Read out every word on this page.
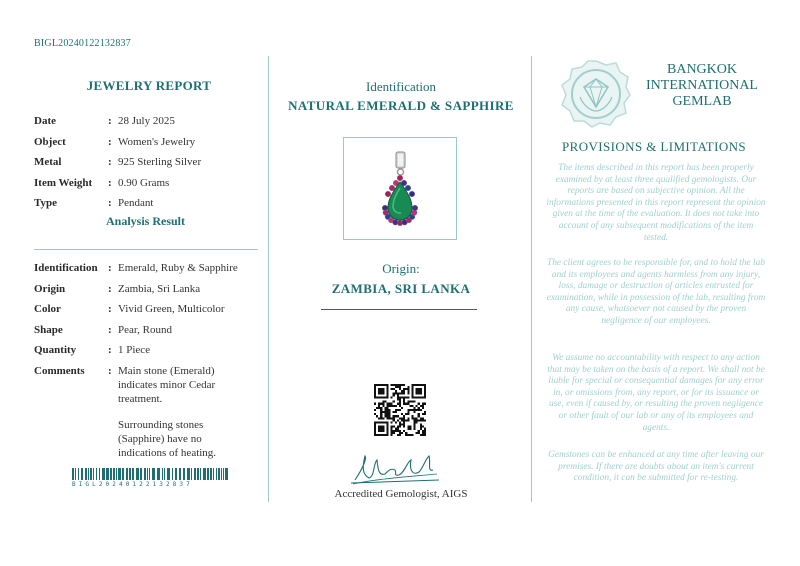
BIGL20240122132837
JEWELRY REPORT
Date	: 28 July 2025
Object	: Women's Jewelry
Metal	: 925 Sterling Silver
Item Weight	: 0.90 Grams
Type	: Pendant
Analysis Result
Identification : Emerald, Ruby & Sapphire
Origin	: Zambia, Sri Lanka
Color	: Vivid Green, Multicolor
Shape	: Pear, Round
Quantity	: 1 Piece
Comments	: Main stone (Emerald) indicates minor Cedar treatment.
Surrounding stones (Sapphire) have no indications of heating.
BIGL20240122132837
Identification
NATURAL EMERALD & SAPPHIRE
Origin:
ZAMBIA, SRI LANKA
Accredited Gemologist, AIGS
BANGKOK
INTERNATIONAL
GEMLAB
PROVISIONS & LIMITATIONS
The items described in this report has been properly examined by at least three qualified gemologists. Our reports are based on subjective opinion. All the informations presented in this report represent the opinion given at the time of the evaluation. It does not take into account of any subsequent modifications of the item tested.
The client agrees to be responsible for, and to hold the lab and its employees and agents harmless from any injury, loss, damage or destruction of articles entrusted for examination, while in possession of the lab, resulting from any cause, whatsoever not caused by the proven negligence of our employees.
We assume no accountability with respect to any action that may be taken on the basis of a report. We shall not be liable for special or consequential damages for any error in, or omissions from, any report, or for its issuance or use, even if caused by, or resulting the proven negligence or other fault of our lab or any of its employees and agents.
Gemstones can be enhanced at any time after leaving our premises. If there are doubts about an item's current condition, it can be submitted for re-testing.
